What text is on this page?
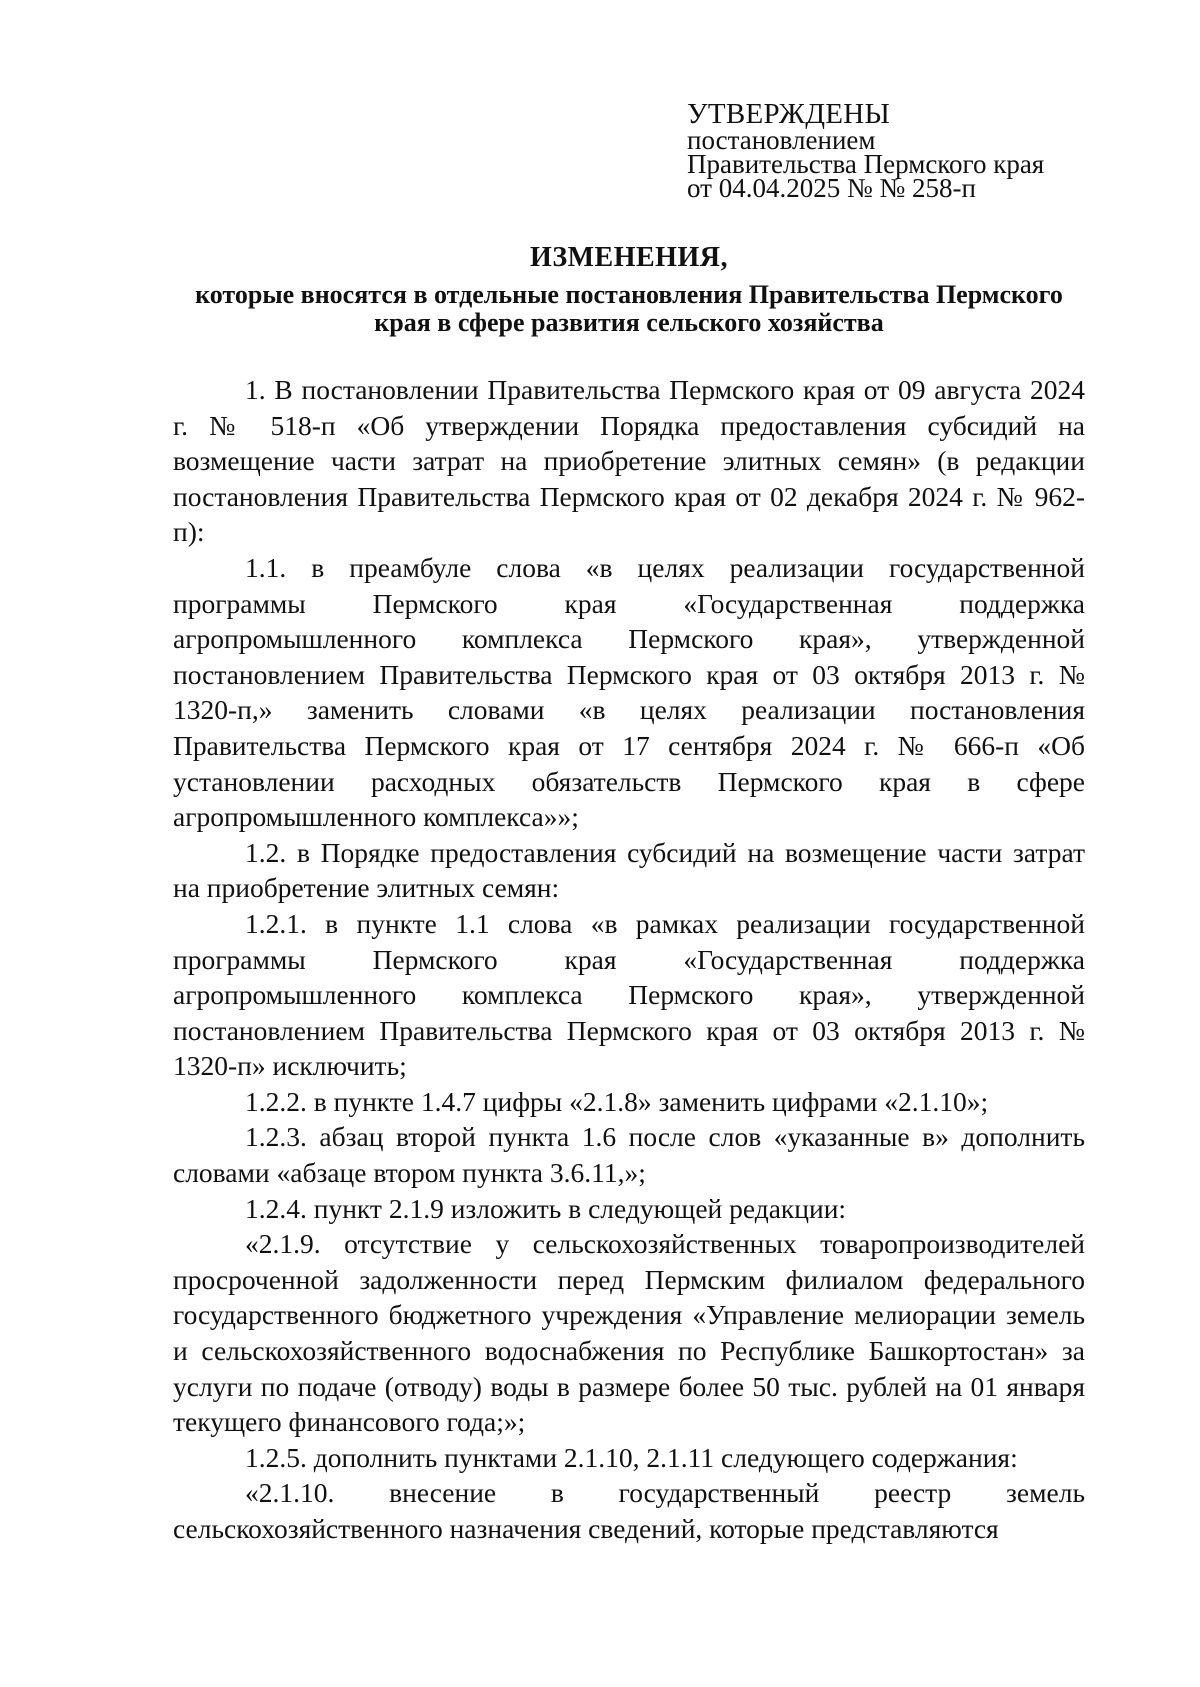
УТВЕРЖДЕНЫ
постановлением
Правительства Пермского края
от 04.04.2025 № № 258-п
ИЗМЕНЕНИЯ,
которые вносятся в отдельные постановления Правительства Пермского края в сфере развития сельского хозяйства

1. В постановлении Правительства Пермского края от 09 августа 2024 г. № 518-п «Об утверждении Порядка предоставления субсидий на возмещение части затрат на приобретение элитных семян» (в редакции постановления Правительства Пермского края от 02 декабря 2024 г. № 962-п):

1.1. в преамбуле слова «в целях реализации государственной программы Пермского края «Государственная поддержка агропромышленного комплекса Пермского края», утвержденной постановлением Правительства Пермского края от 03 октября 2013 г. № 1320-п,» заменить словами «в целях реализации постановления Правительства Пермского края от 17 сентября 2024 г. № 666-п «Об установлении расходных обязательств Пермского края в сфере агропромышленного комплекса»»;

1.2. в Порядке предоставления субсидий на возмещение части затрат на приобретение элитных семян:

1.2.1. в пункте 1.1 слова «в рамках реализации государственной программы Пермского края «Государственная поддержка агропромышленного комплекса Пермского края», утвержденной постановлением Правительства Пермского края от 03 октября 2013 г. № 1320-п» исключить;

1.2.2. в пункте 1.4.7 цифры «2.1.8» заменить цифрами «2.1.10»;

1.2.3. абзац второй пункта 1.6 после слов «указанные в» дополнить словами «абзаце втором пункта 3.6.11,»;

1.2.4. пункт 2.1.9 изложить в следующей редакции:

«2.1.9. отсутствие у сельскохозяйственных товаропроизводителей просроченной задолженности перед Пермским филиалом федерального государственного бюджетного учреждения «Управление мелиорации земель и сельскохозяйственного водоснабжения по Республике Башкортостан» за услуги по подаче (отводу) воды в размере более 50 тыс. рублей на 01 января текущего финансового года;»;

1.2.5. дополнить пунктами 2.1.10, 2.1.11 следующего содержания:

«2.1.10. внесение в государственный реестр земель сельскохозяйственного назначения сведений, которые представляются
